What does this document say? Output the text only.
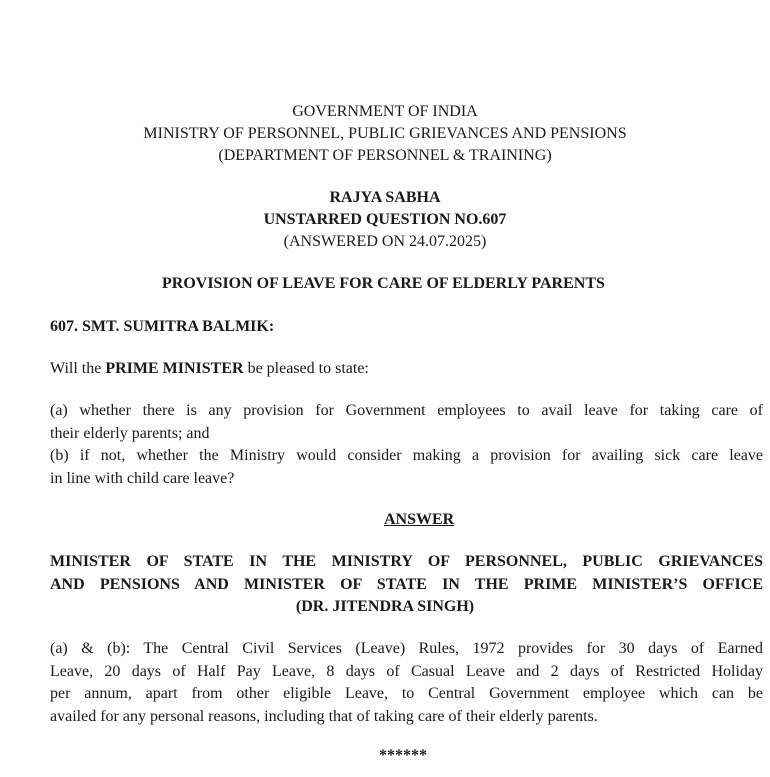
GOVERNMENT OF INDIA
MINISTRY OF PERSONNEL, PUBLIC GRIEVANCES AND PENSIONS
(DEPARTMENT OF PERSONNEL & TRAINING)
RAJYA SABHA
UNSTARRED QUESTION NO.607
(ANSWERED ON 24.07.2025)
PROVISION OF LEAVE FOR CARE OF ELDERLY PARENTS
607. SMT. SUMITRA BALMIK:
Will the PRIME MINISTER be pleased to state:
(a) whether there is any provision for Government employees to avail leave for taking care of
their elderly parents; and
(b) if not, whether the Ministry would consider making a provision for availing sick care leave
in line with child care leave?
ANSWER
MINISTER OF STATE IN THE MINISTRY OF PERSONNEL, PUBLIC GRIEVANCES
AND PENSIONS AND MINISTER OF STATE IN THE PRIME MINISTER’S OFFICE
(DR. JITENDRA SINGH)
(a) & (b): The Central Civil Services (Leave) Rules, 1972 provides for 30 days of Earned
Leave, 20 days of Half Pay Leave, 8 days of Casual Leave and 2 days of Restricted Holiday
per annum, apart from other eligible Leave, to Central Government employee which can be
availed for any personal reasons, including that of taking care of their elderly parents.
******
